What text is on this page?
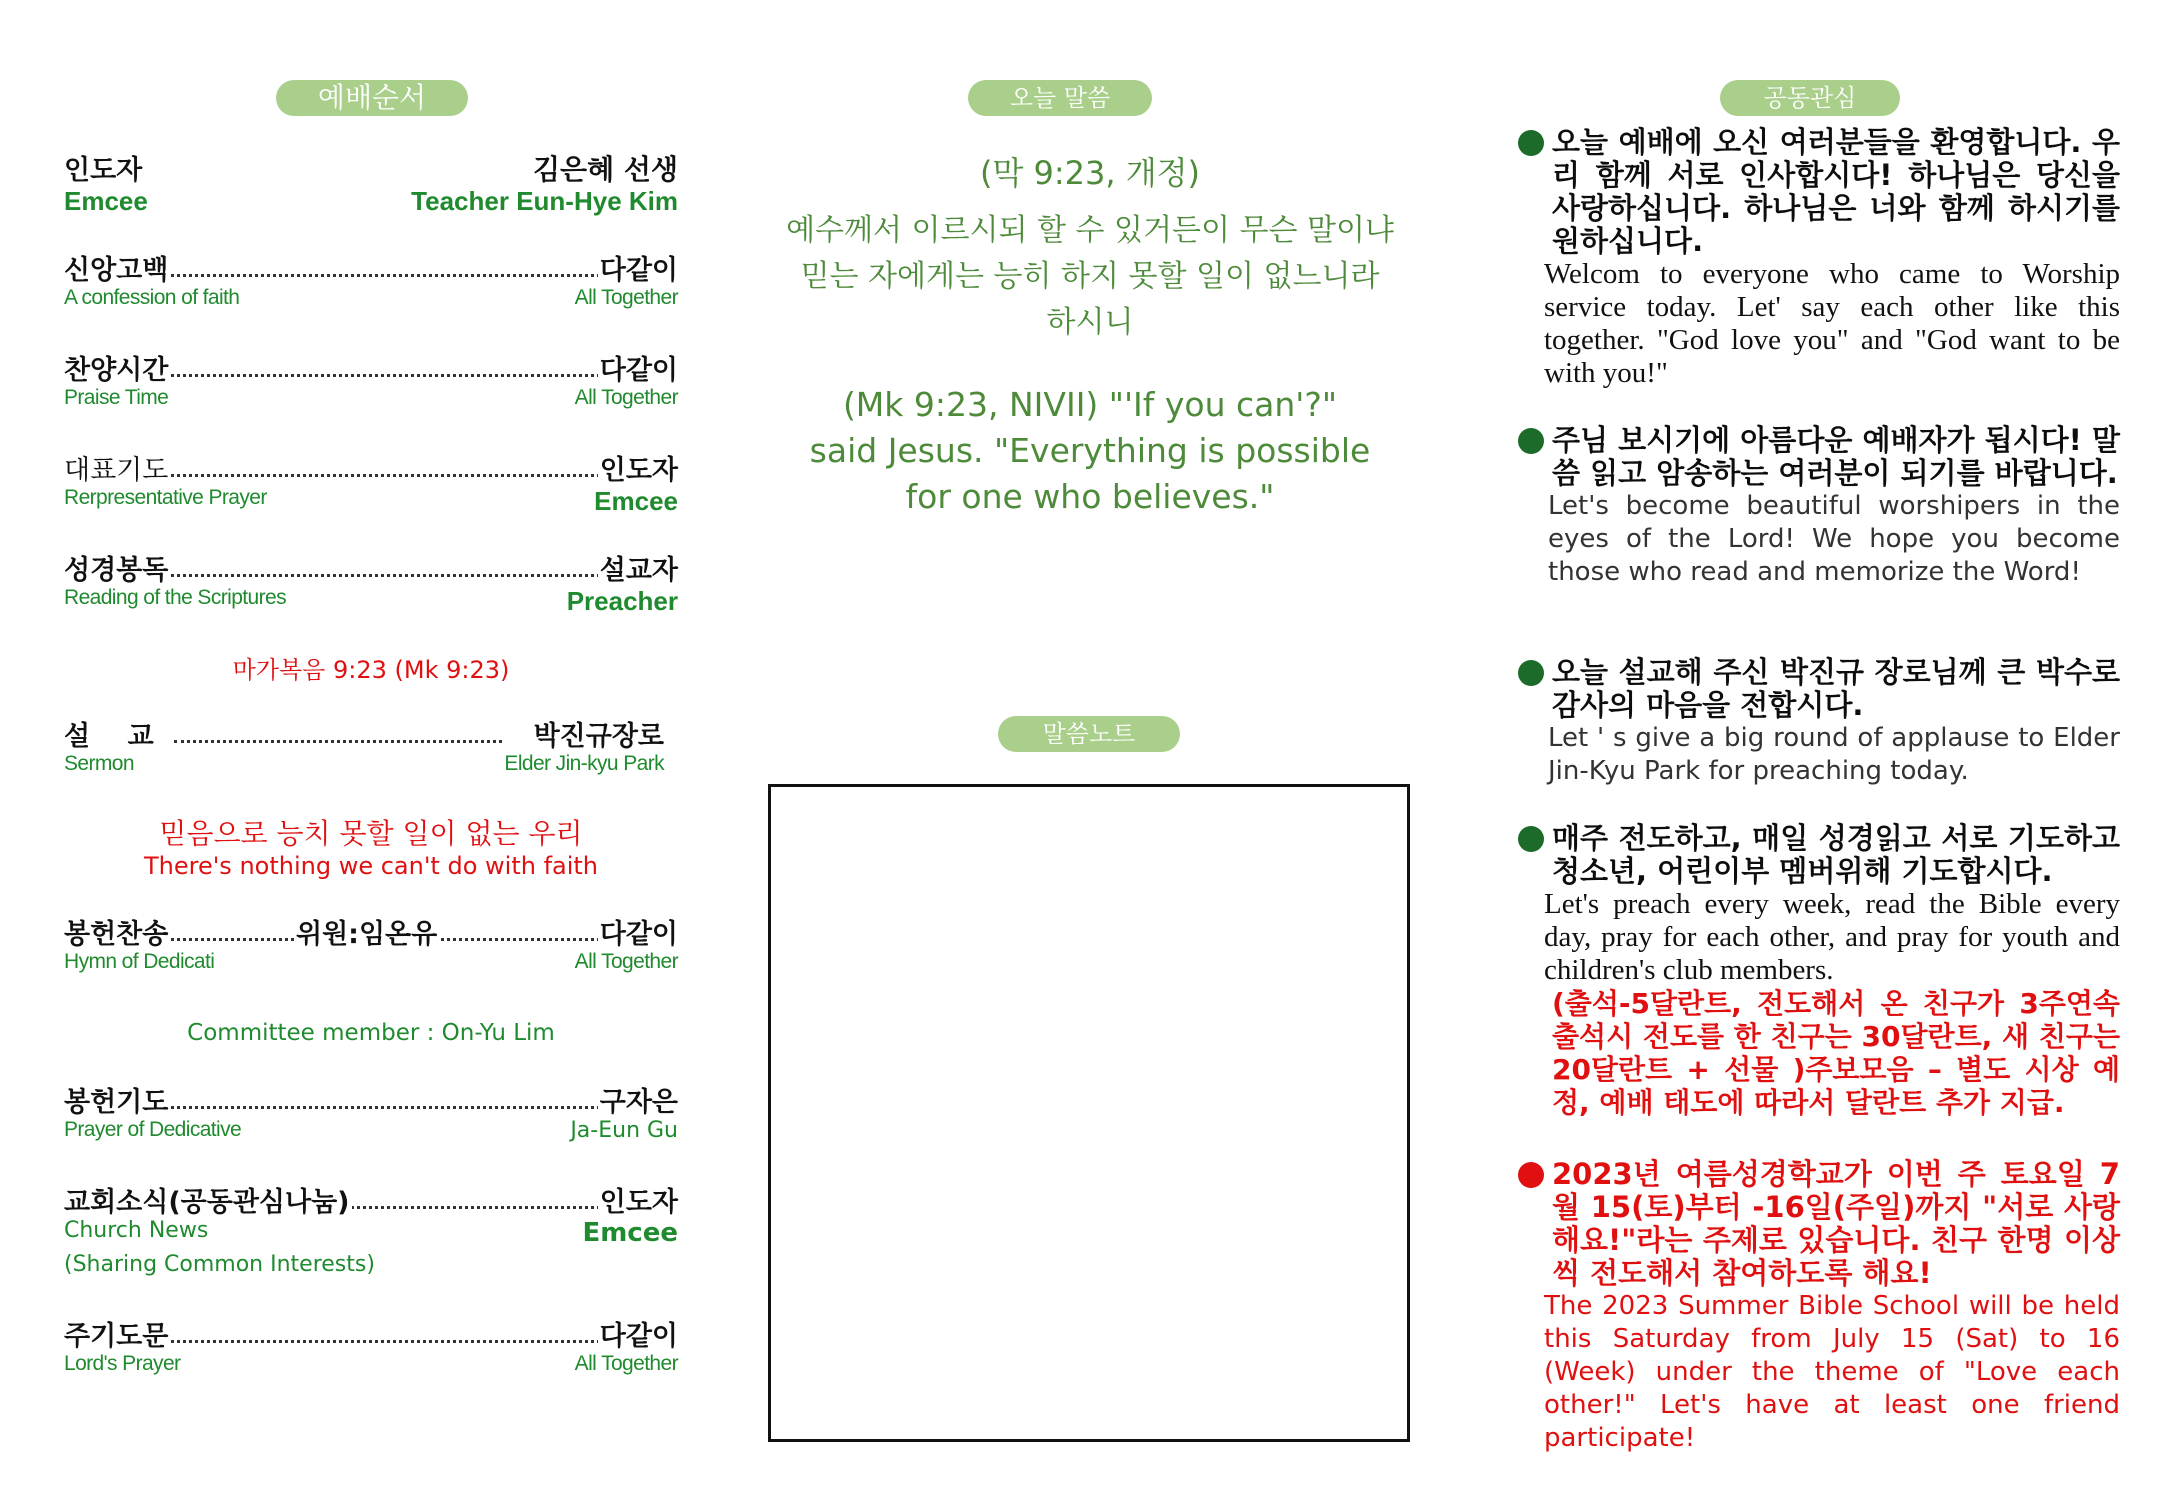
예배순서
인도자	김은혜 선생
Emcee	Teacher Eun-Hye Kim
신앙고백	다같이
A confession of faith	All Together
찬양시간	다같이
Praise Time	All Together
대표기도	인도자
Rerpresentative Prayer	Emcee
성경봉독	설교자
Reading of the Scriptures	Preacher
마가복음 9:23 (Mk 9:23)
설    교	박진규장로
Sermon	Elder Jin-kyu Park
믿음으로 능치 못할 일이 없는 우리
There's nothing we can't do with faith
봉헌찬송	위원:임온유	다같이
Hymn of Dedicati	All Together
Committee member : On-Yu Lim
봉헌기도	구자은
Prayer of Dedicative	Ja-Eun Gu
교회소식(공동관심나눔)	인도자
Church News	Emcee
(Sharing Common Interests)
주기도문	다같이
Lord's Prayer	All Together
오늘 말씀
(막 9:23, 개정)
예수께서 이르시되 할 수 있거든이 무슨 말이냐
믿는 자에게는 능히 하지 못할 일이 없느니라
하시니
(Mk 9:23, NIVII) "'If you can'?"
said Jesus. "Everything is possible
for one who believes."
말씀노트
공동관심
오늘 예배에 오신 여러분들을 환영합니다. 우리 함께 서로 인사합시다! 하나님은 당신을 사랑하십니다. 하나님은 너와 함께 하시기를 원하십니다.
Welcom to everyone who came to Worship service today. Let' say each other like this together. "God love you" and "God want to be with you!"
주님 보시기에 아름다운 예배자가 됩시다! 말씀 읽고 암송하는 여러분이 되기를 바랍니다.
Let's become beautiful worshipers in the eyes of the Lord! We hope you become those who read and memorize the Word!
오늘 설교해 주신 박진규 장로님께 큰 박수로 감사의 마음을 전합시다.
Let ' s give a big round of applause to Elder Jin-Kyu Park for preaching today.
매주 전도하고, 매일 성경읽고 서로 기도하고 청소년, 어린이부 멤버위해 기도합시다.
Let's preach every week, read the Bible every day, pray for each other, and pray for youth and children's club members.
(출석-5달란트, 전도해서 온 친구가 3주연속 출석시 전도를 한 친구는 30달란트, 새 친구는 20달란트 + 선물 )주보모음 – 별도 시상 예정, 예배 태도에 따라서 달란트 추가 지급.
2023년 여름성경학교가 이번 주 토요일 7월 15(토)부터 -16일(주일)까지 "서로 사랑해요!"라는 주제로 있습니다. 친구 한명 이상씩 전도해서 참여하도록 해요!
The 2023 Summer Bible School will be held this Saturday from July 15 (Sat) to 16 (Week) under the theme of "Love each other!" Let's have at least one friend participate!
